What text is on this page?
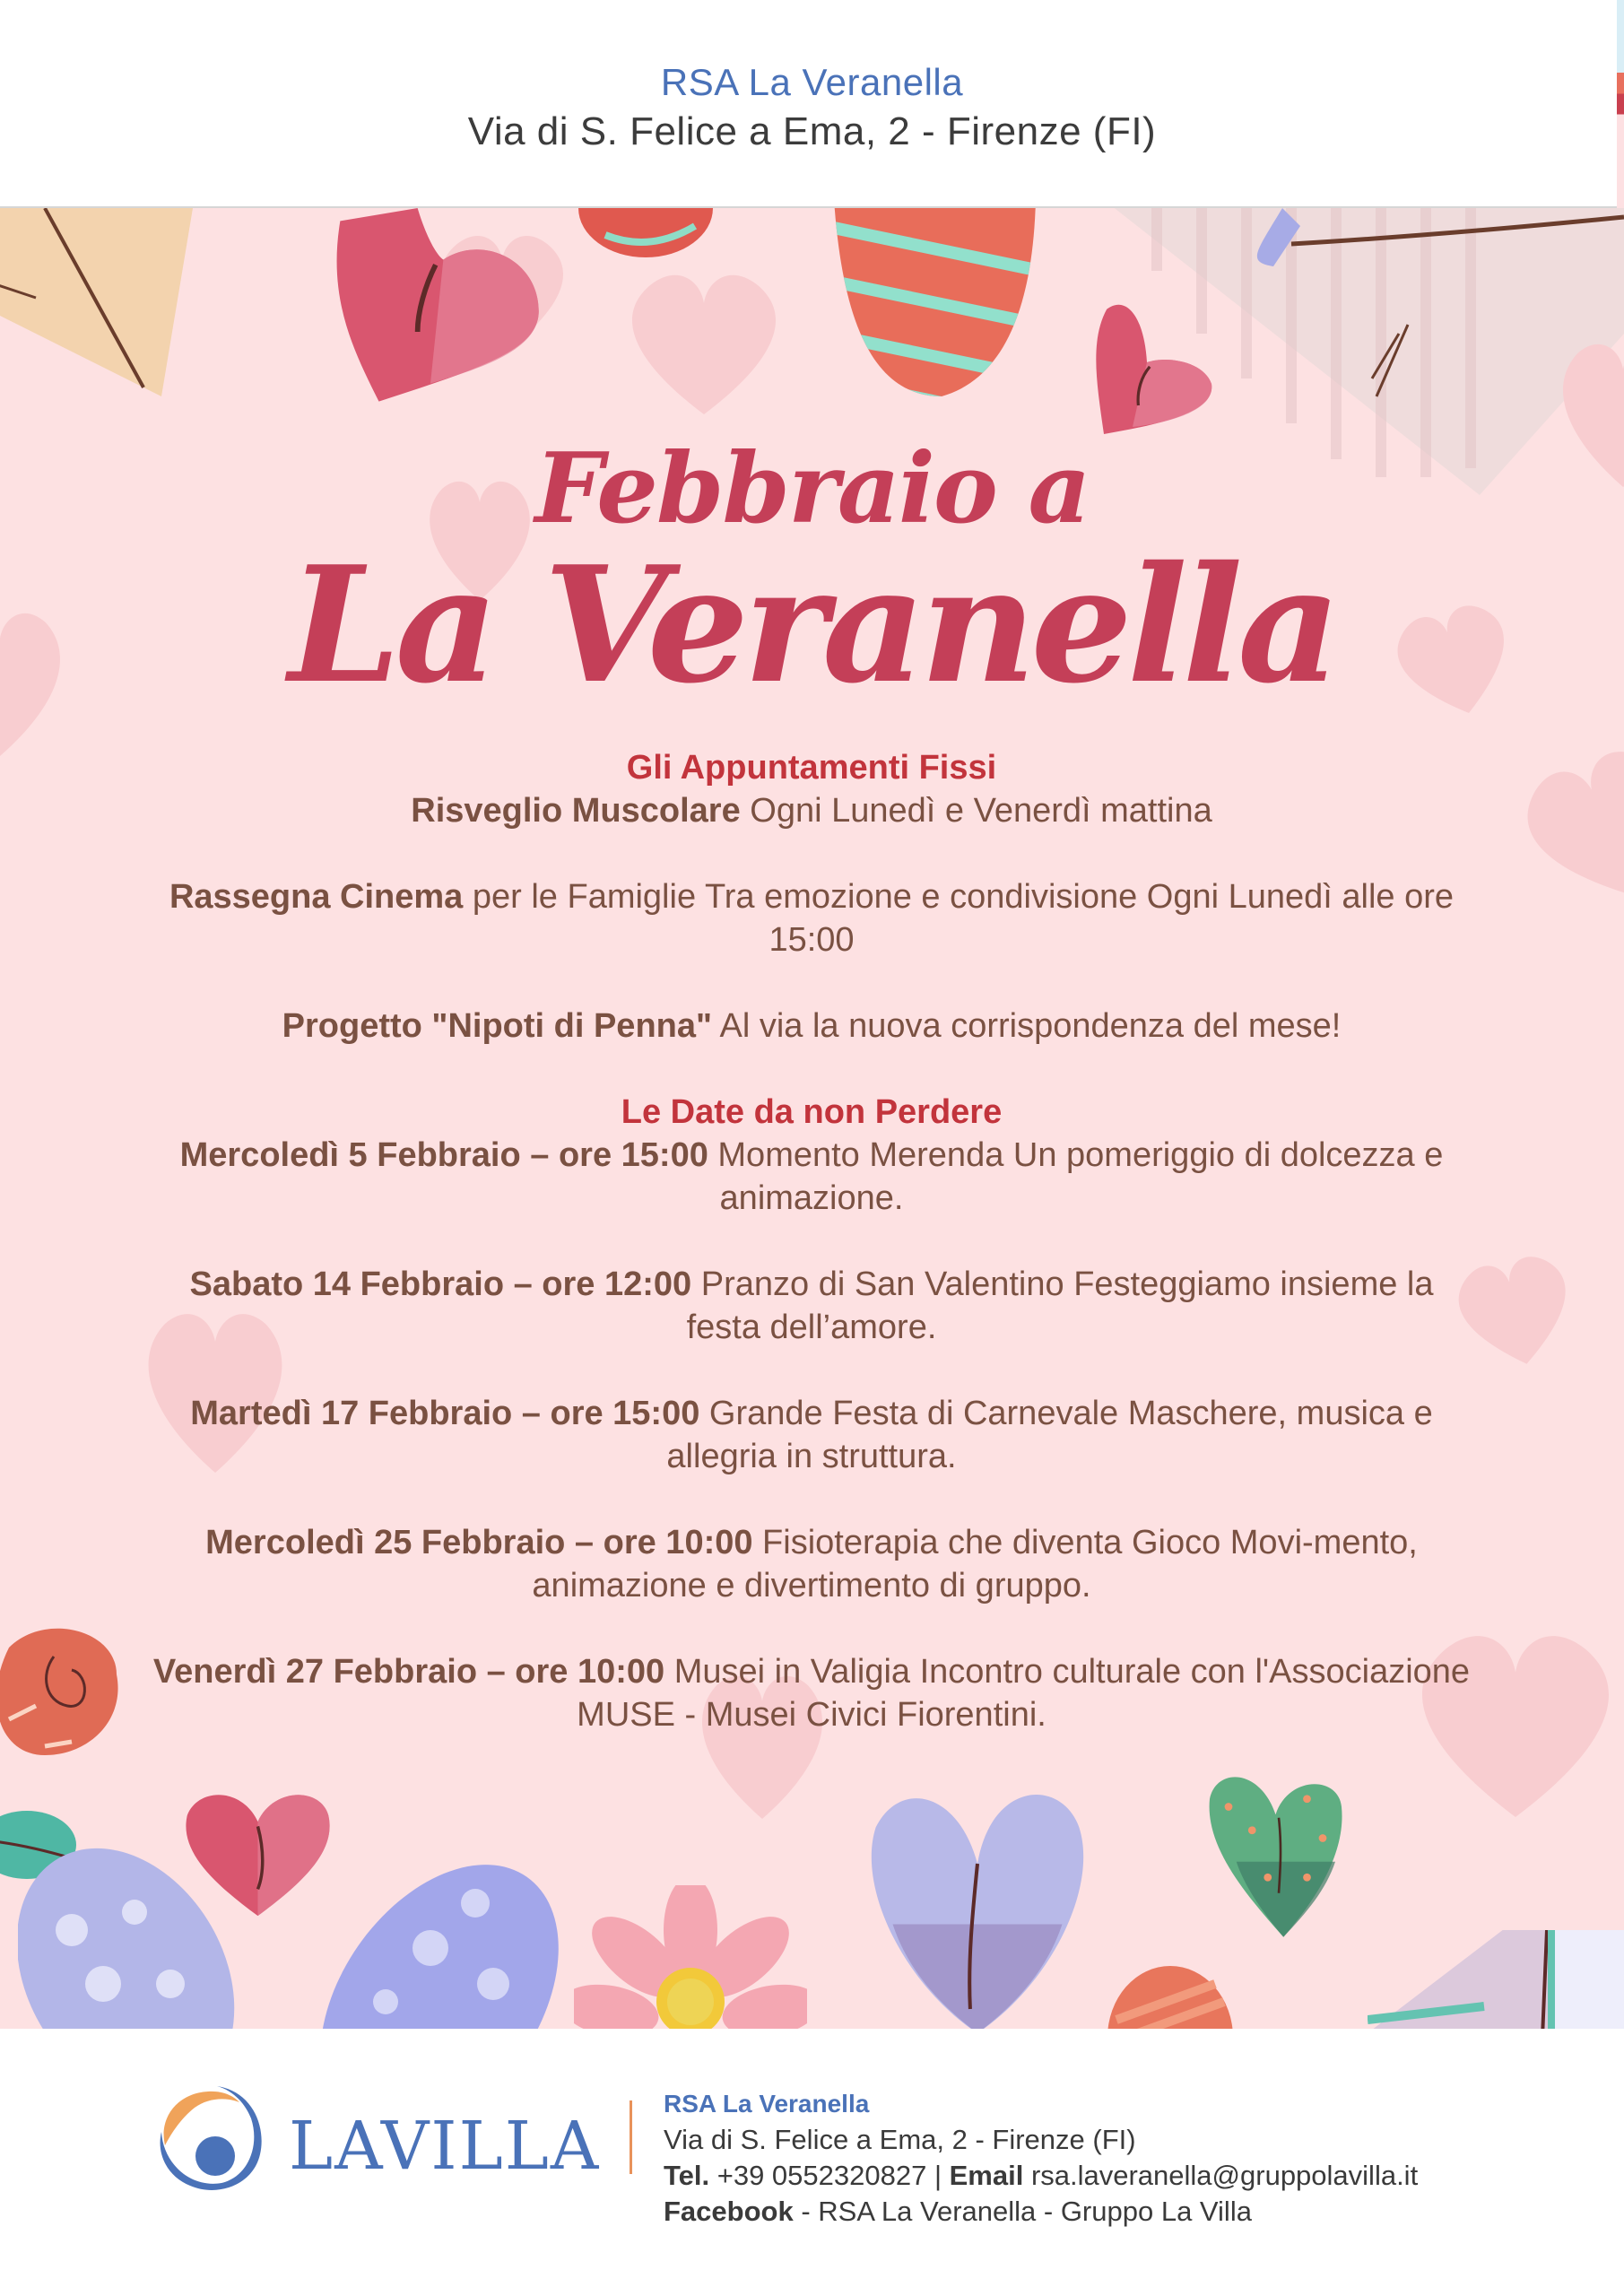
RSA La Veranella
Via di S. Felice a Ema, 2 - Firenze (FI)
Febbraio a
La Veranella
Gli Appuntamenti Fissi
Risveglio Muscolare Ogni Lunedì e Venerdì mattina
Rassegna Cinema per le Famiglie Tra emozione e condivisione Ogni Lunedì alle ore 15:00
Progetto "Nipoti di Penna" Al via la nuova corrispondenza del mese!
Le Date da non Perdere
Mercoledì 5 Febbraio – ore 15:00 Momento Merenda Un pomeriggio di dolcezza e animazione.
Sabato 14 Febbraio – ore 12:00 Pranzo di San Valentino Festeggiamo insieme la festa dell’amore.
Martedì 17 Febbraio – ore 15:00 Grande Festa di Carnevale Maschere, musica e allegria in struttura.
Mercoledì 25 Febbraio – ore 10:00 Fisioterapia che diventa Gioco Movi-mento, animazione e divertimento di gruppo.
Venerdì 27 Febbraio – ore 10:00 Musei in Valigia Incontro culturale con l'Associazione MUSE - Musei Civici Fiorentini.
LAVILLA
RSA La Veranella
Via di S. Felice a Ema, 2 - Firenze (FI)
Tel. +39 0552320827 | Email rsa.laveranella@gruppolavilla.it
Facebook - RSA La Veranella - Gruppo La Villa
